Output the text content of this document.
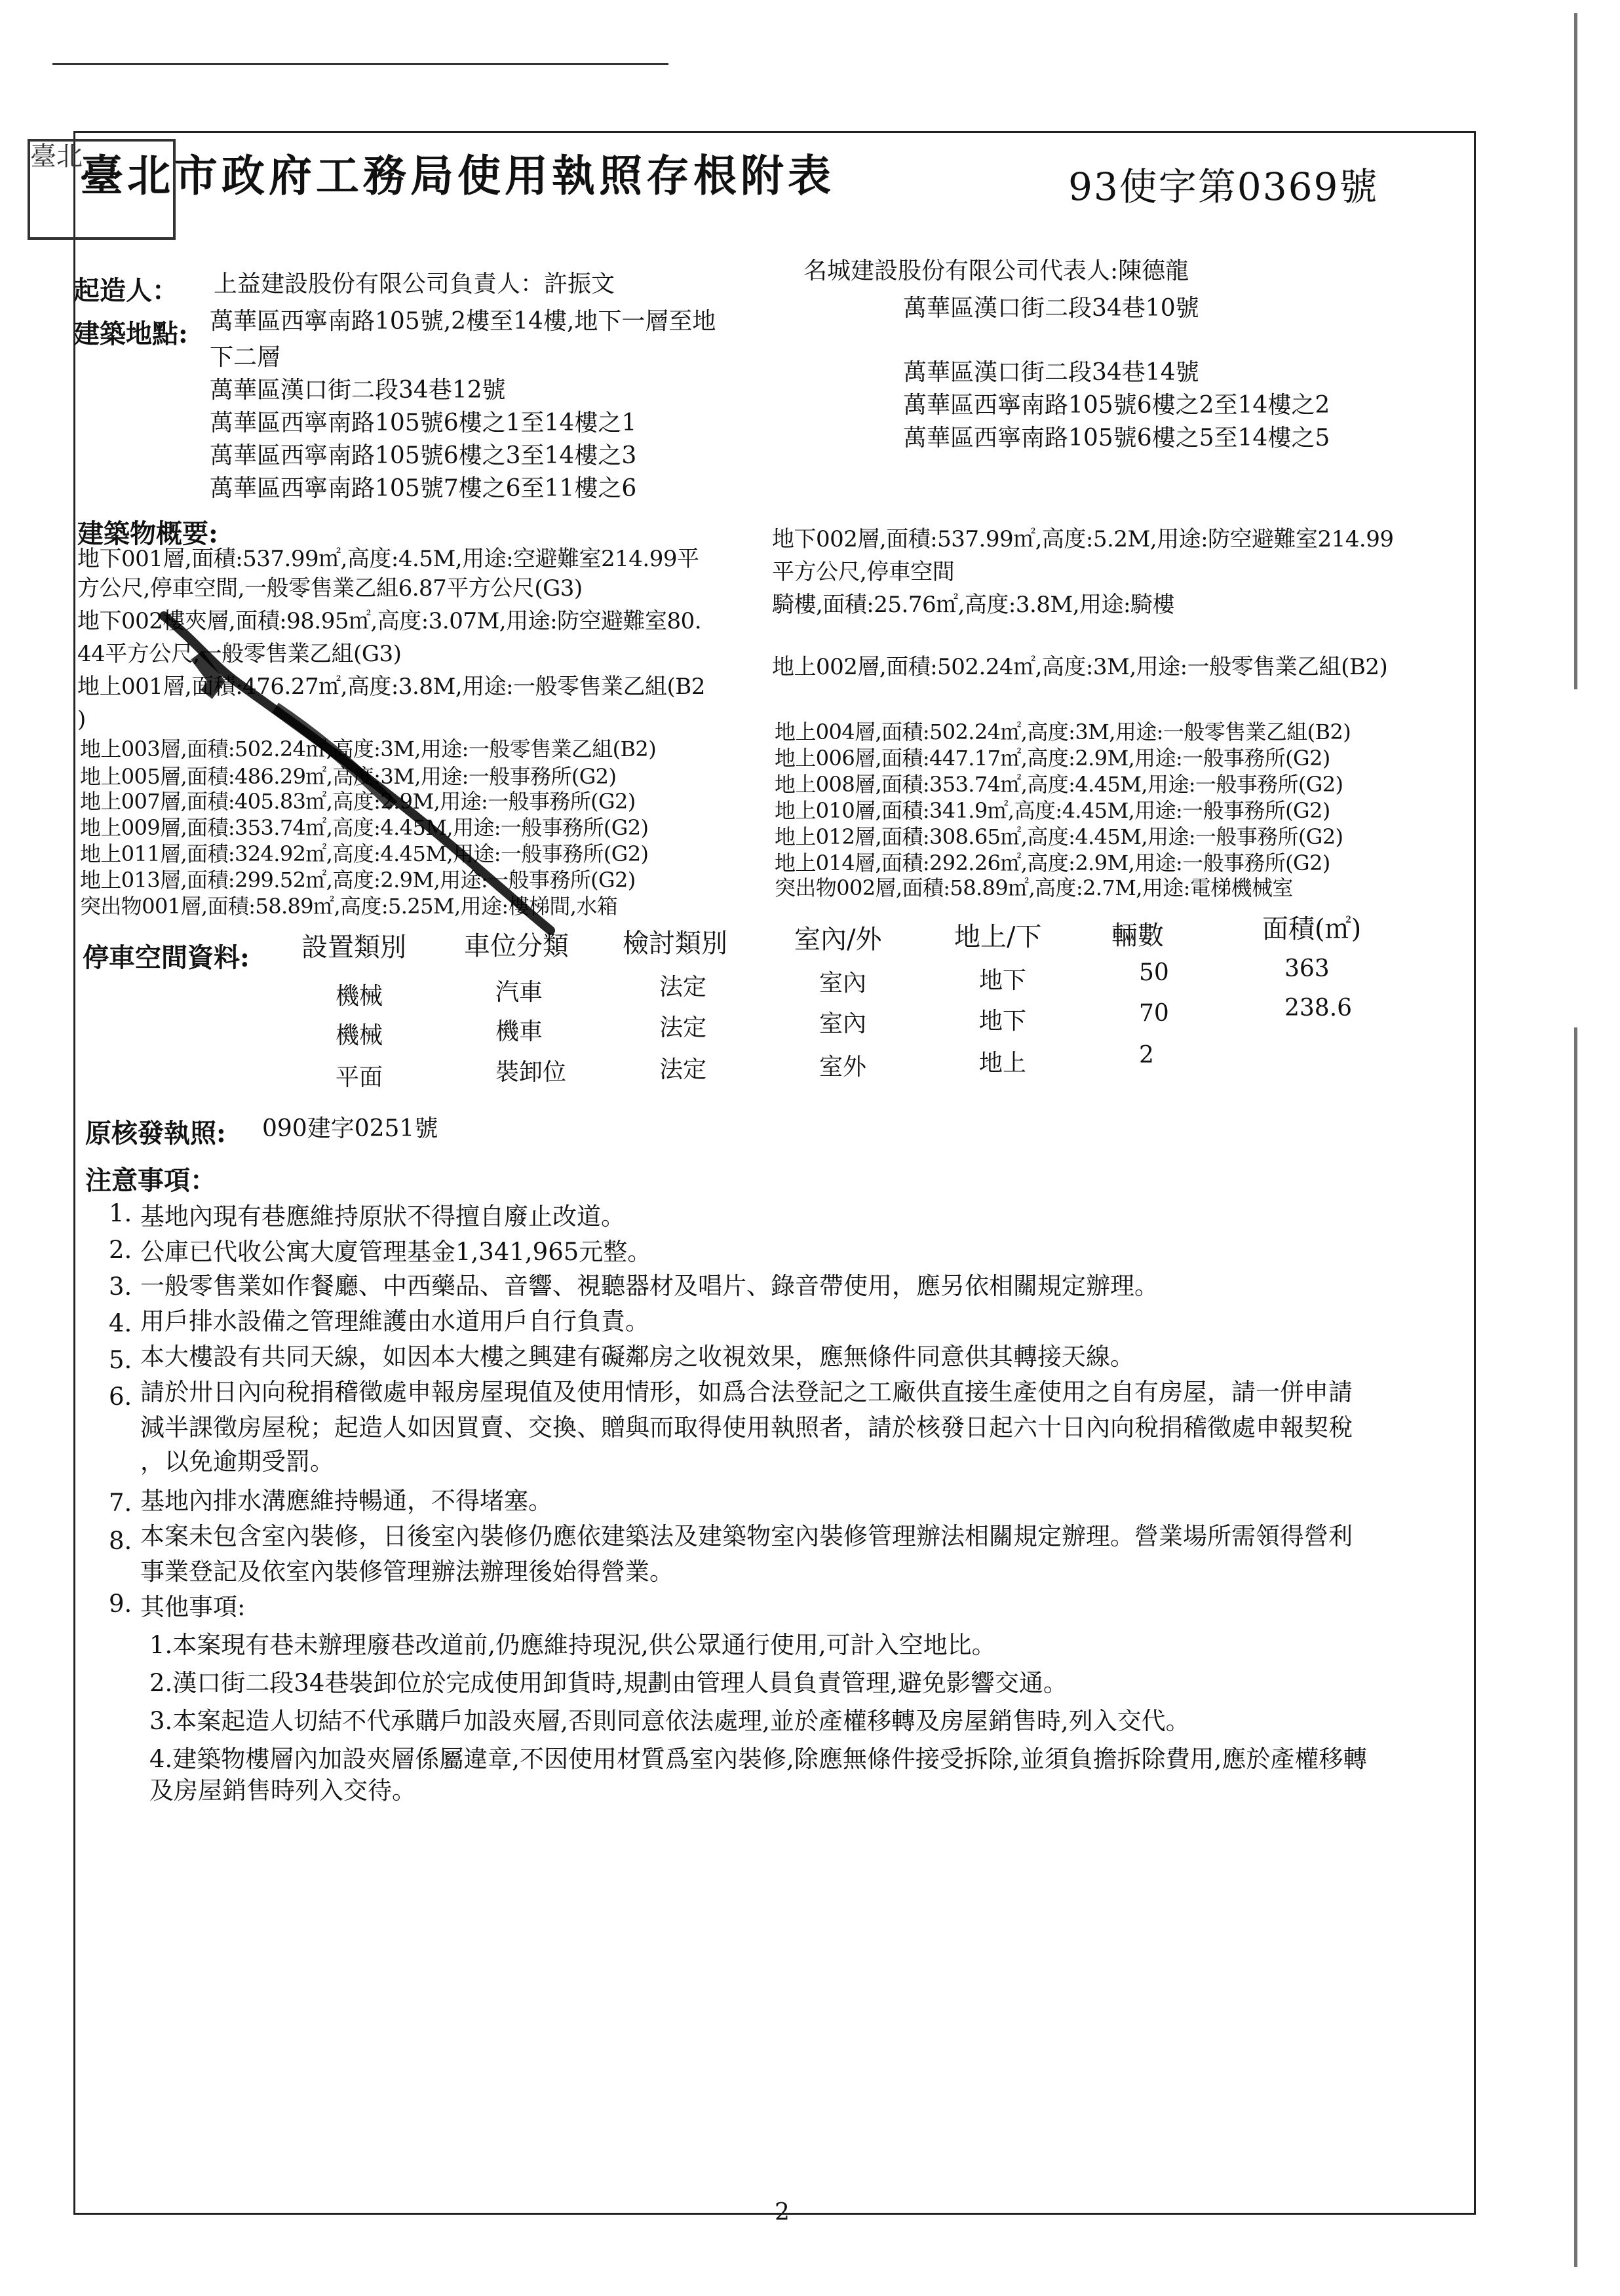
臺北
臺北市政府工務局使用執照存根附表	93使字第0369號
起造人： 上益建設股份有限公司負責人：許振文	名城建設股份有限公司代表人:陳德龍
建築地點: 萬華區西寧南路105號,2樓至14樓,地下一層至地
下二層
萬華區漢口街二段34巷12號
萬華區西寧南路105號6樓之1至14樓之1
萬華區西寧南路105號6樓之3至14樓之3
萬華區西寧南路105號7樓之6至11樓之6
萬華區漢口街二段34巷10號
萬華區漢口街二段34巷14號
萬華區西寧南路105號6樓之2至14樓之2
萬華區西寧南路105號6樓之5至14樓之5
建築物概要:
地下001層,面積:537.99㎡,高度:4.5M,用途:空避難室214.99平
方公尺,停車空間,一般零售業乙組6.87平方公尺(G3)
地下002樓夾層,面積:98.95㎡,高度:3.07M,用途:防空避難室80.
44平方公尺,一般零售業乙組(G3)
地上001層,面積:476.27㎡,高度:3.8M,用途:一般零售業乙組(B2
)
地下002層,面積:537.99㎡,高度:5.2M,用途:防空避難室214.99
平方公尺,停車空間
騎樓,面積:25.76㎡,高度:3.8M,用途:騎樓
地上002層,面積:502.24㎡,高度:3M,用途:一般零售業乙組(B2)
地上003層,面積:502.24㎡,高度:3M,用途:一般零售業乙組(B2)
地上005層,面積:486.29㎡,高度:3M,用途:一般事務所(G2)
地上007層,面積:405.83㎡,高度:2.9M,用途:一般事務所(G2)
地上009層,面積:353.74㎡,高度:4.45M,用途:一般事務所(G2)
地上011層,面積:324.92㎡,高度:4.45M,用途:一般事務所(G2)
地上013層,面積:299.52㎡,高度:2.9M,用途:一般事務所(G2)
突出物001層,面積:58.89㎡,高度:5.25M,用途:樓梯間,水箱
地上004層,面積:502.24㎡,高度:3M,用途:一般零售業乙組(B2)
地上006層,面積:447.17㎡,高度:2.9M,用途:一般事務所(G2)
地上008層,面積:353.74㎡,高度:4.45M,用途:一般事務所(G2)
地上010層,面積:341.9㎡,高度:4.45M,用途:一般事務所(G2)
地上012層,面積:308.65㎡,高度:4.45M,用途:一般事務所(G2)
地上014層,面積:292.26㎡,高度:2.9M,用途:一般事務所(G2)
突出物002層,面積:58.89㎡,高度:2.7M,用途:電梯機械室
停車空間資料: 設置類別 車位分類 檢討類別	室內/外	地上/下	輛數	面積(㎡)
機械	汽車	法定	室內	地下	50	363
機械	機車	法定	室內	地下	70	238.6
平面	裝卸位	法定	室外	地上	2
原核發執照: 090建字0251號
注意事項：
1. 基地內現有巷應維持原狀不得擅自廢止改道。
2. 公庫已代收公寓大廈管理基金1,341,965元整。
3. 一般零售業如作餐廳、中西藥品、音響、視聽器材及唱片、錄音帶使用，應另依相關規定辦理。
4. 用戶排水設備之管理維護由水道用戶自行負責。
5. 本大樓設有共同天線，如因本大樓之興建有礙鄰房之收視效果，應無條件同意供其轉接天線。
6. 請於卅日內向稅捐稽徵處申報房屋現值及使用情形，如爲合法登記之工廠供直接生產使用之自有房屋，請一併申請
減半課徵房屋稅；起造人如因買賣、交換、贈與而取得使用執照者，請於核發日起六十日內向稅捐稽徵處申報契稅
，以免逾期受罰。
7. 基地內排水溝應維持暢通，不得堵塞。
8. 本案未包含室內裝修，日後室內裝修仍應依建築法及建築物室內裝修管理辦法相關規定辦理。營業場所需領得營利
事業登記及依室內裝修管理辦法辦理後始得營業。
9. 其他事項:
1.本案現有巷未辦理廢巷改道前,仍應維持現況,供公眾通行使用,可計入空地比。
2.漢口街二段34巷裝卸位於完成使用卸貨時,規劃由管理人員負責管理,避免影響交通。
3.本案起造人切結不代承購戶加設夾層,否則同意依法處理,並於產權移轉及房屋銷售時,列入交代。
4.建築物樓層內加設夾層係屬違章,不因使用材質爲室內裝修,除應無條件接受拆除,並須負擔拆除費用,應於產權移轉
及房屋銷售時列入交待。
2
